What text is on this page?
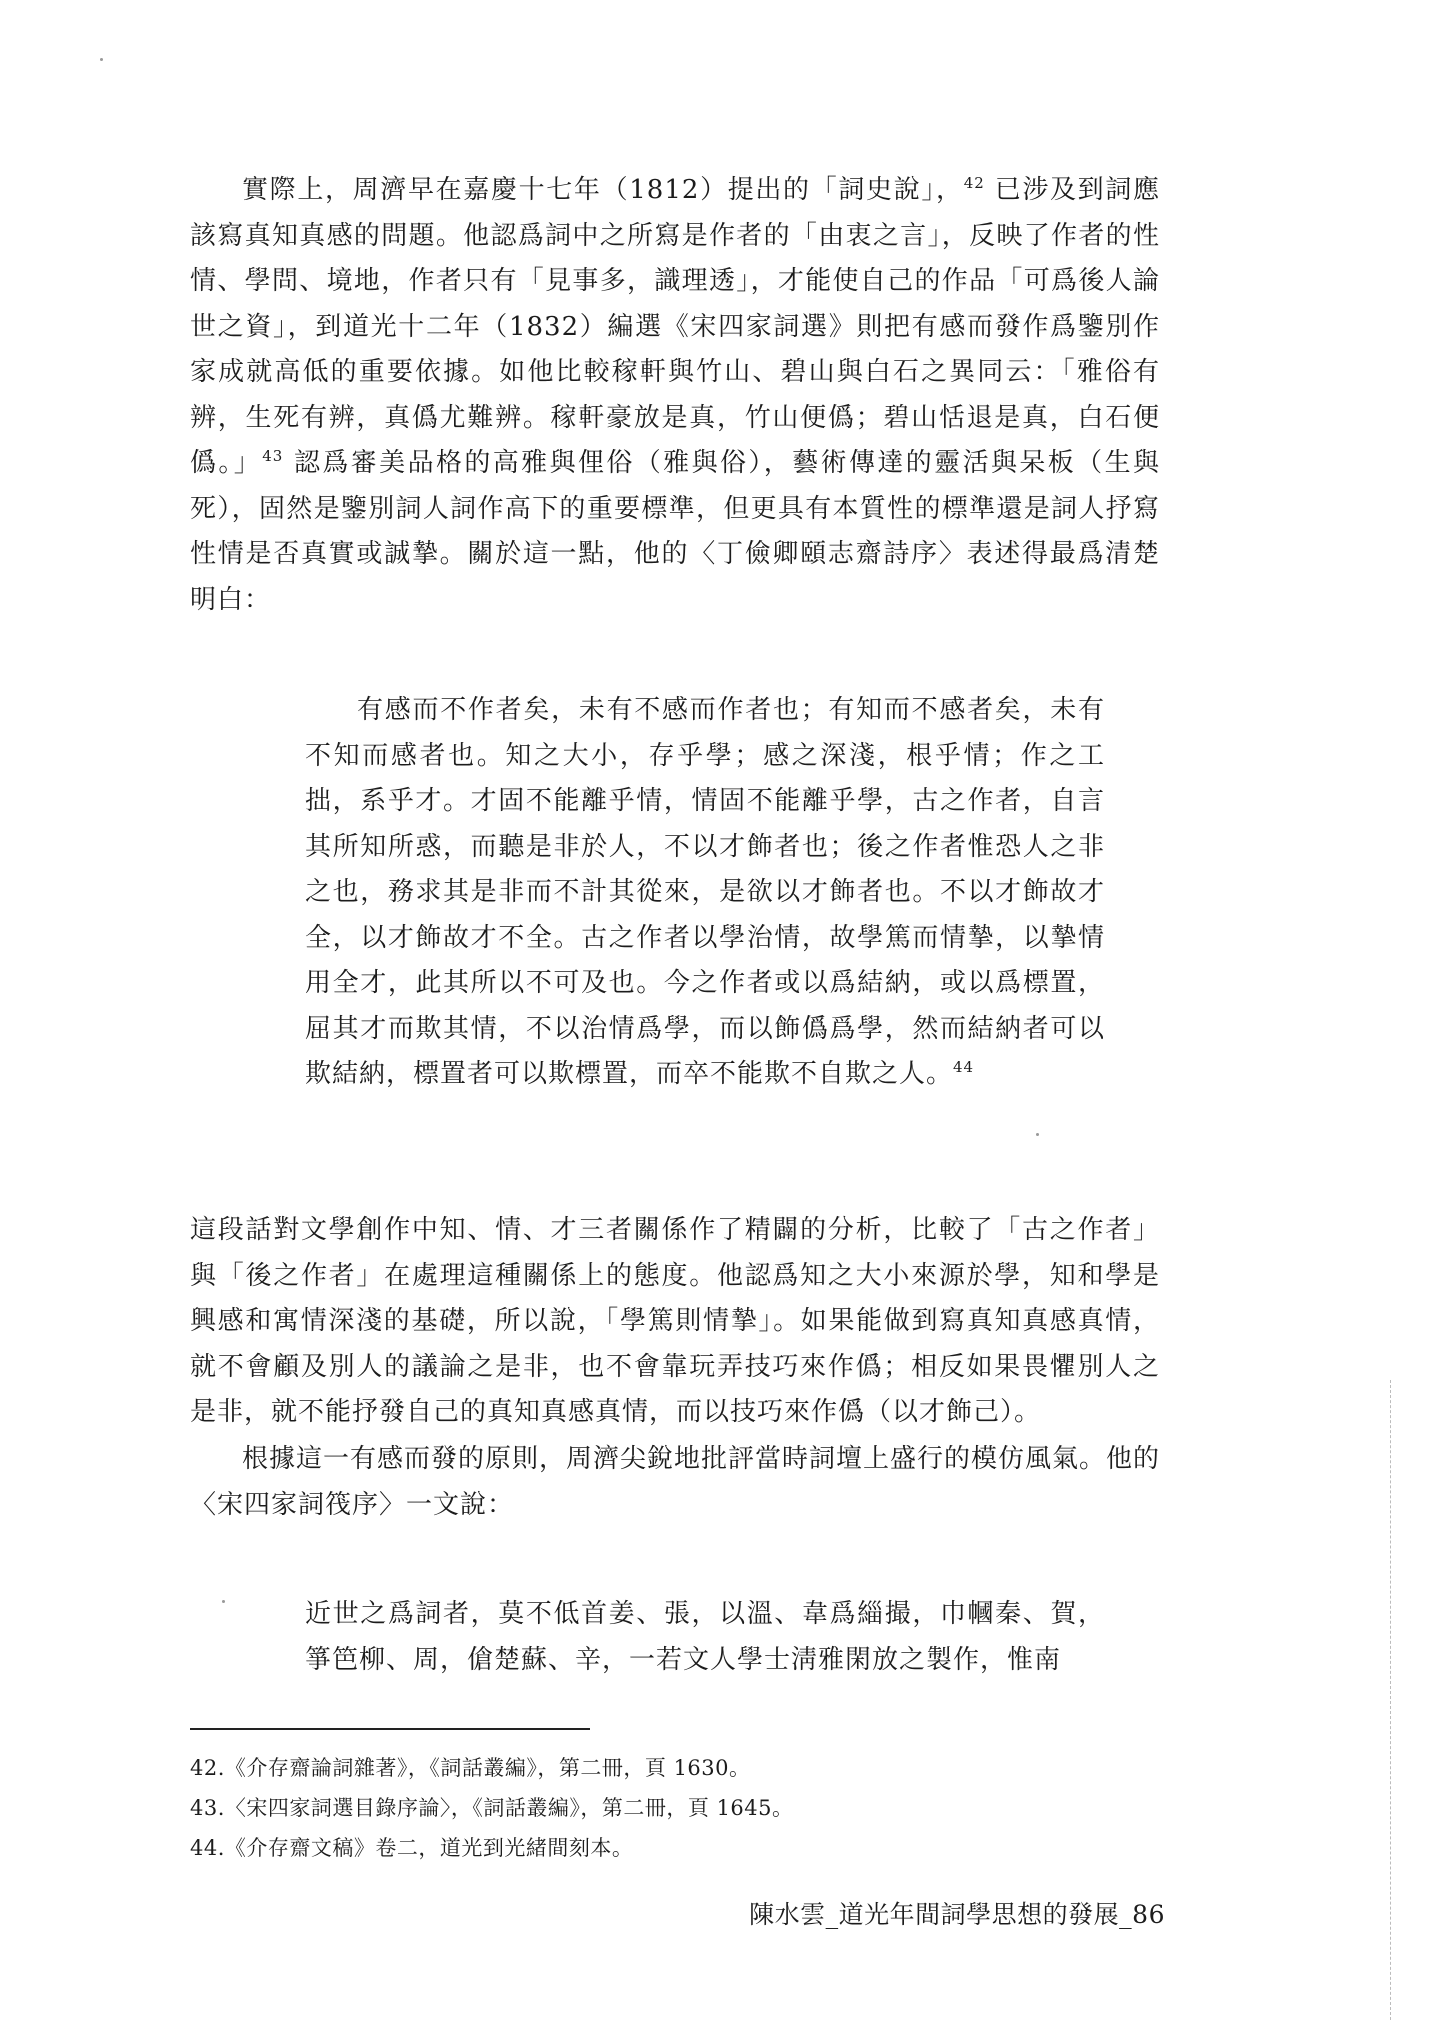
實際上，周濟早在嘉慶十七年（1812）提出的「詞史說」，$^{42}$ 已涉及到詞應該寫真知真感的問題。他認爲詞中之所寫是作者的「由衷之言」，反映了作者的性情、學問、境地，作者只有「見事多，識理透」，才能使自己的作品「可爲後人論世之資」，到道光十二年（1832）編選《宋四家詞選》則把有感而發作爲鑒別作家成就高低的重要依據。如他比較稼軒與竹山、碧山與白石之異同云：「雅俗有辨，生死有辨，真僞尤難辨。稼軒豪放是真，竹山便僞；碧山恬退是真，白石便僞。」$^{43}$ 認爲審美品格的高雅與俚俗（雅與俗），藝術傳達的靈活與呆板（生與死），固然是鑒別詞人詞作高下的重要標準，但更具有本質性的標準還是詞人抒寫性情是否真實或誠摯。關於這一點，他的〈丁儉卿頤志齋詩序〉表述得最爲清楚明白：

有感而不作者矣，未有不感而作者也；有知而不感者矣，未有不知而感者也。知之大小，存乎學；感之深淺，根乎情；作之工拙，系乎才。才固不能離乎情，情固不能離乎學，古之作者，自言其所知所惑，而聽是非於人，不以才飾者也；後之作者惟恐人之非之也，務求其是非而不計其從來，是欲以才飾者也。不以才飾故才全，以才飾故才不全。古之作者以學治情，故學篤而情摯，以摯情用全才，此其所以不可及也。今之作者或以爲結納，或以爲標置，屈其才而欺其情，不以治情爲學，而以飾僞爲學，然而結納者可以欺結納，標置者可以欺標置，而卒不能欺不自欺之人。$^{44}$

這段話對文學創作中知、情、才三者關係作了精闢的分析，比較了「古之作者」與「後之作者」在處理這種關係上的態度。他認爲知之大小來源於學，知和學是興感和寓情深淺的基礎，所以說，「學篤則情摯」。如果能做到寫真知真感真情，就不會顧及別人的議論之是非，也不會靠玩弄技巧來作僞；相反如果畏懼別人之是非，就不能抒發自己的真知真感真情，而以技巧來作僞（以才飾己）。

根據這一有感而發的原則，周濟尖銳地批評當時詞壇上盛行的模仿風氣。他的〈宋四家詞筏序〉一文說：

近世之爲詞者，莫不低首姜、張，以溫、韋爲緇撮，巾幗秦、賀，箏笆柳、周，傖楚蘇、辛，一若文人學士淸雅閑放之製作，惟南

42.《介存齋論詞雜著》，《詞話叢編》，第二冊，頁 1630。

43.〈宋四家詞選目錄序論〉，《詞話叢編》，第二冊，頁 1645。

44.《介存齋文稿》卷二，道光到光緒間刻本。

陳水雲_道光年間詞學思想的發展_86
